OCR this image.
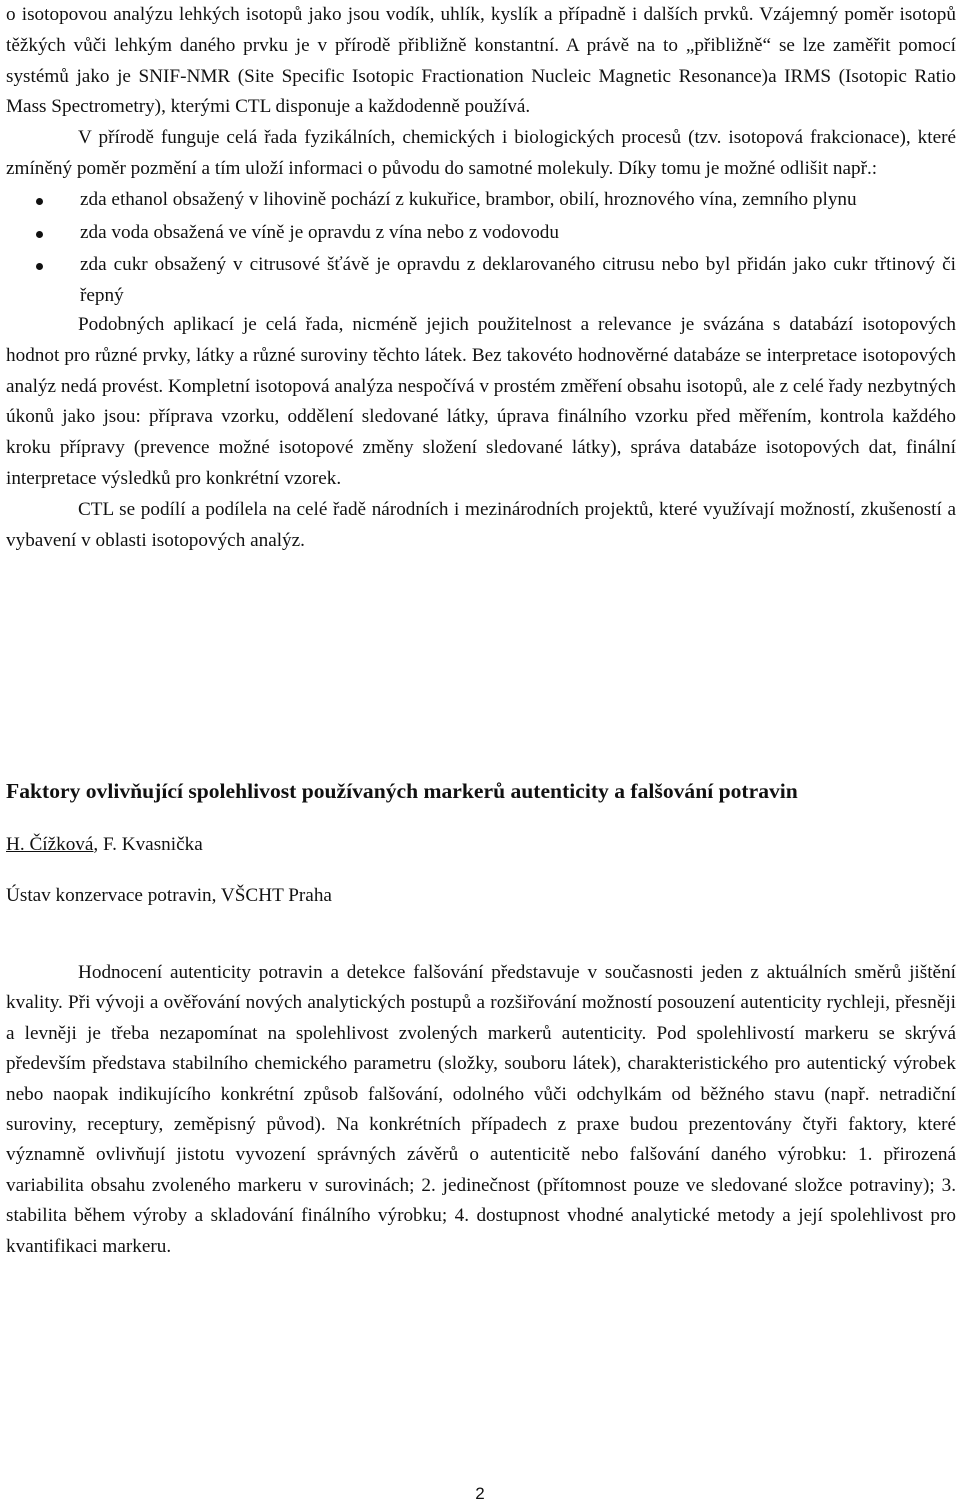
o isotopovou analýzu lehkých isotopů jako jsou vodík, uhlík, kyslík a případně i dalších prvků. Vzájemný poměr isotopů těžkých vůči lehkým daného prvku je v přírodě přibližně konstantní. A právě na to „přibližně“ se lze zaměřit pomocí systémů jako je SNIF-NMR (Site Specific Isotopic Fractionation Nucleic Magnetic Resonance)a IRMS (Isotopic Ratio Mass Spectrometry), kterými CTL disponuje a každodenně používá.

V přírodě funguje celá řada fyzikálních, chemických i biologických procesů (tzv. isotopová frakcionace), které zmíněný poměr pozmění a tím uloží informaci o původu do samotné molekuly. Díky tomu je možné odlišit např.:

zda ethanol obsažený v lihovině pochází z kukuřice, brambor, obilí, hroznového vína, zemního plynu
zda voda obsažená ve víně je opravdu z vína nebo z vodovodu
zda cukr obsažený v citrusové šťávě je opravdu z deklarovaného citrusu nebo byl přidán jako cukr třtinový či řepný

Podobných aplikací je celá řada, nicméně jejich použitelnost a relevance je svázána s databází isotopových hodnot pro různé prvky, látky a různé suroviny těchto látek. Bez takovéto hodnověrné databáze se interpretace isotopových analýz nedá provést. Kompletní isotopová analýza nespočívá v prostém změření obsahu isotopů, ale z celé řady nezbytných úkonů jako jsou: příprava vzorku, oddělení sledované látky, úprava finálního vzorku před měřením, kontrola každého kroku přípravy (prevence možné isotopové změny složení sledované látky), správa databáze isotopových dat, finální interpretace výsledků pro konkrétní vzorek.

CTL se podílí a podílela na celé řadě národních i mezinárodních projektů, které využívají možností, zkušeností a vybavení v oblasti isotopových analýz.

Faktory ovlivňující spolehlivost používaných markerů autenticity a falšování potravin
H. Čížková, F. Kvasnička
Ústav konzervace potravin, VŠCHT Praha

Hodnocení autenticity potravin a detekce falšování představuje v současnosti jeden z aktuálních směrů jištění kvality. Při vývoji a ověřování nových analytických postupů a rozšiřování možností posouzení autenticity rychleji, přesněji a levněji je třeba nezapomínat na spolehlivost zvolených markerů autenticity. Pod spolehlivostí markeru se skrývá především představa stabilního chemického parametru (složky, souboru látek), charakteristického pro autentický výrobek nebo naopak indikujícího konkrétní způsob falšování, odolného vůči odchylkám od běžného stavu (např. netradiční suroviny, receptury, zeměpisný původ). Na konkrétních případech z praxe budou prezentovány čtyři faktory, které významně ovlivňují jistotu vyvození správných závěrů o autenticitě nebo falšování daného výrobku: 1. přirozená variabilita obsahu zvoleného markeru v surovinách; 2. jedinečnost (přítomnost pouze ve sledované složce potraviny); 3. stabilita během výroby a skladování finálního výrobku; 4. dostupnost vhodné analytické metody a její spolehlivost pro kvantifikaci markeru.

2
